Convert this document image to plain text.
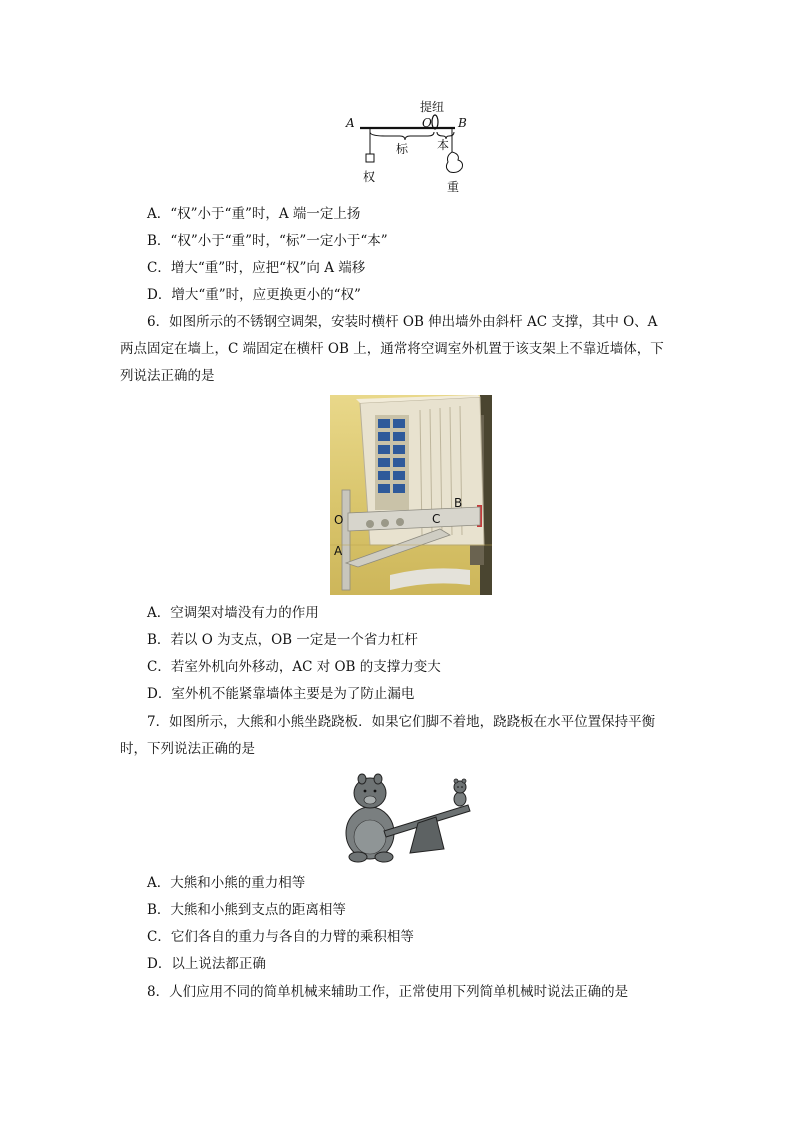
A	O B
提纽
标 本
权
重
A．“权”小于“重”时，A 端一定上扬
B．“权”小于“重”时，“标”一定小于“本”
C．增大“重”时，应把“权”向 A 端移
D．增大“重”时，应更换更小的“权”
6．如图所示的不锈钢空调架，安装时横杆 OB 伸出墙外由斜杆 AC 支撑，其中 O、A
两点固定在墙上，C 端固定在横杆 OB 上，通常将空调室外机置于该支架上不靠近墙体，下
列说法正确的是
O
A
B
C
A．空调架对墙没有力的作用
B．若以 O 为支点，OB 一定是一个省力杠杆
C．若室外机向外移动，AC 对 OB 的支撑力变大
D．室外机不能紧靠墙体主要是为了防止漏电
7．如图所示，大熊和小熊坐跷跷板．如果它们脚不着地，跷跷板在水平位置保持平衡
时，下列说法正确的是
A．大熊和小熊的重力相等
B．大熊和小熊到支点的距离相等
C．它们各自的重力与各自的力臂的乘积相等
D．以上说法都正确
8．人们应用不同的简单机械来辅助工作，正常使用下列简单机械时说法正确的是
